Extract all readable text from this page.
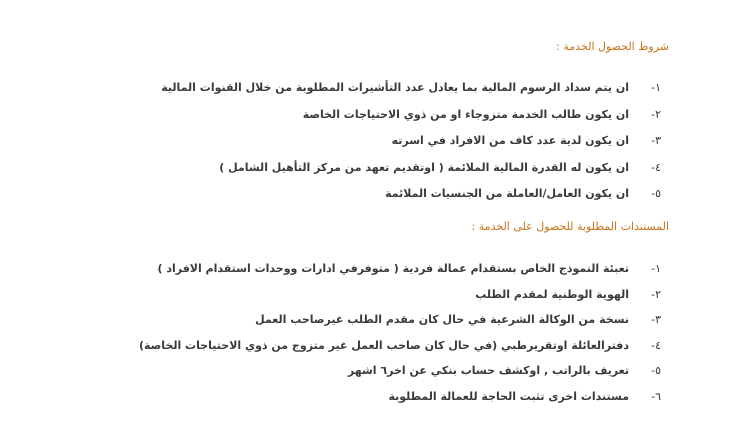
شروط الحصول الخدمة :
١-ان يتم سداد الرسوم المالية بما يعادل عدد التأشيرات المطلوبة من خلال القنوات المالية
٢-ان يكون طالب الخدمة متزوجاء او من ذوي الاحتياجات الخاصة
٣-ان يكون لدية عدد كاف من الافراد في اسرته
٤-ان يكون له القدرة المالية الملائمة ( اوتقديم تعهد من مركز التأهيل الشامل )
٥-ان يكون العامل/العاملة من الجنسيات الملائمة
المستندات المطلوبة للحصول على الخدمة :
١-تعبئة النموذج الخاص بستقدام عمالة فردية ( متوفرفي ادارات ووحدات استقدام الافراد )
٢-الهوية الوطنية لمقدم الطلب
٣-نسخة من الوكالة الشرعية في حال كان مقدم الطلب غيرصاحب العمل
٤-دفترالعائلة اوتقريرطبي (في حال كان صاحب العمل غير متزوج من ذوي الاحتياجات الخاصة)
٥-تعريف بالراتب , اوكشف حساب بنكي عن اخر٦ اشهر
٦-مستندات اخرى تثبت الحاجة للعمالة المطلوبة
